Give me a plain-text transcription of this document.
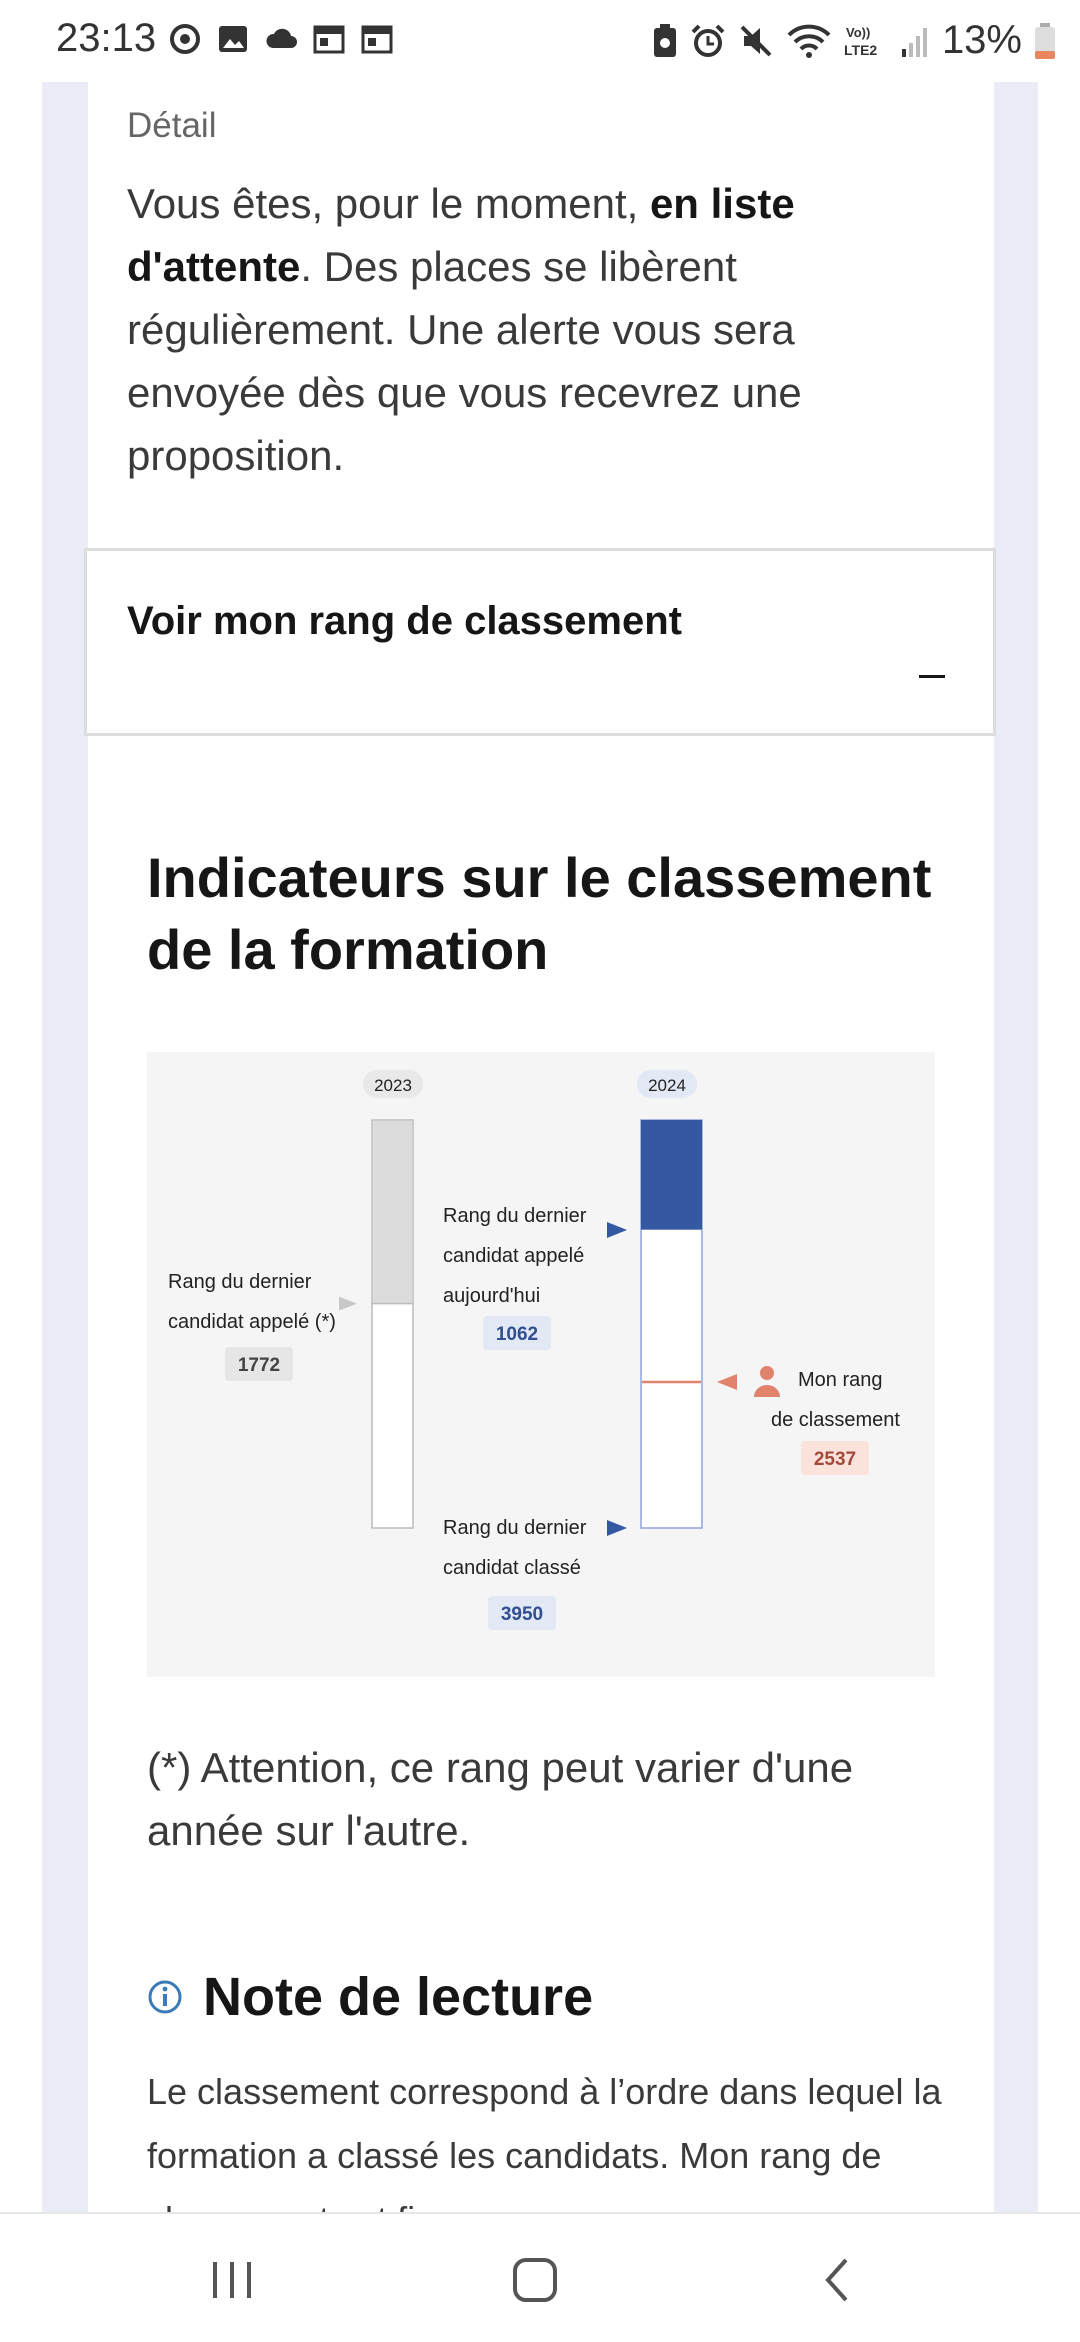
23:13	Vo))
LTE2 13%
Détail
Vous êtes, pour le moment, en liste d'attente. Des places se libèrent régulièrement. Une alerte vous sera envoyée dès que vous recevrez une proposition.
Voir mon rang de classement
Indicateurs sur le classement de la formation
2023	2024
Rang du dernier
candidat appelé (*)
1772
Rang du dernier
candidat appelé
aujourd'hui
1062
Rang du dernier
candidat classé
3950
Mon rang
de classement
2537
(*) Attention, ce rang peut varier d'une année sur l'autre.
Note de lecture
Le classement correspond à l’ordre dans lequel la formation a classé les candidats. Mon rang de
